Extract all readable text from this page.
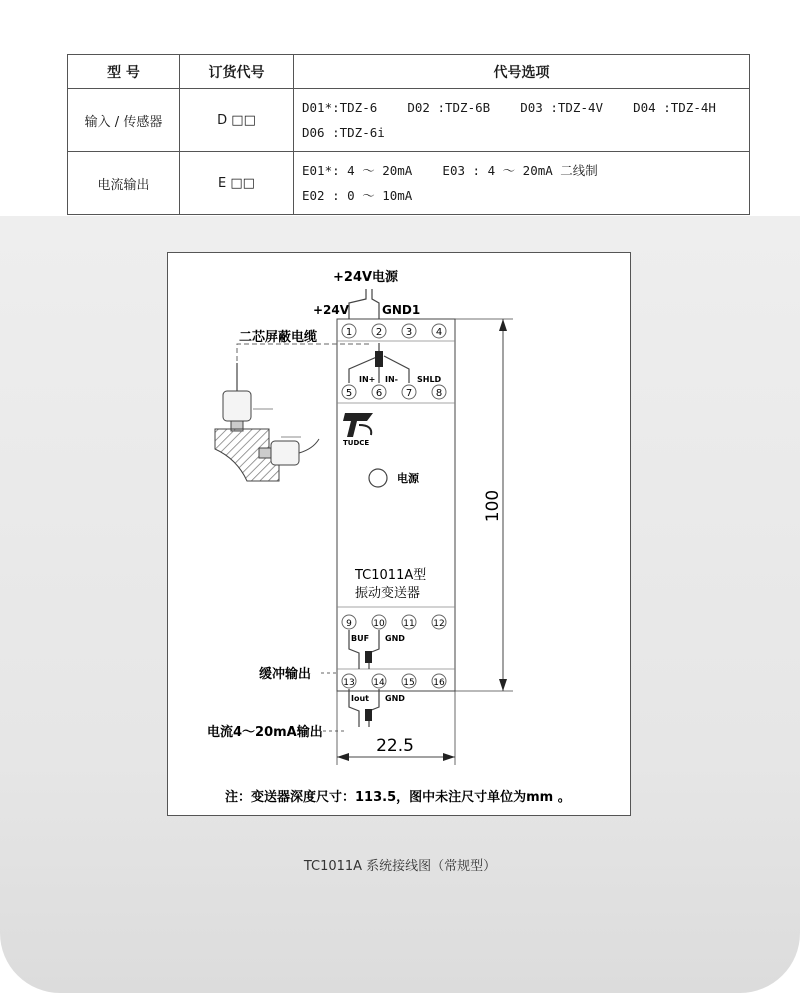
型 号	订货代号	代号选项
输入 / 传感器	D □□	D01*:TDZ-6    D02 :TDZ-6B    D03 :TDZ-4V    D04 :TDZ-4H
D06 :TDZ-6i

电流输出	E □□	E01*: 4 ～ 20mA    E03 : 4 ～ 20mA 二线制
E02 : 0 ～ 10mA
+24V电源
+24V	GND1
1 2 3 4
IN+ IN- SHLD
5 6 7 8
二芯屏蔽电缆
TUDCE
电源
TC1011A型
振动变送器
9 10 11 12
BUF GND
13 14 15 16
Iout GND
缓冲输出
电流4～20mA输出
100
22.5
注：变送器深度尺寸：113.5，图中未注尺寸单位为mm 。
TC1011A 系统接线图（常规型）
